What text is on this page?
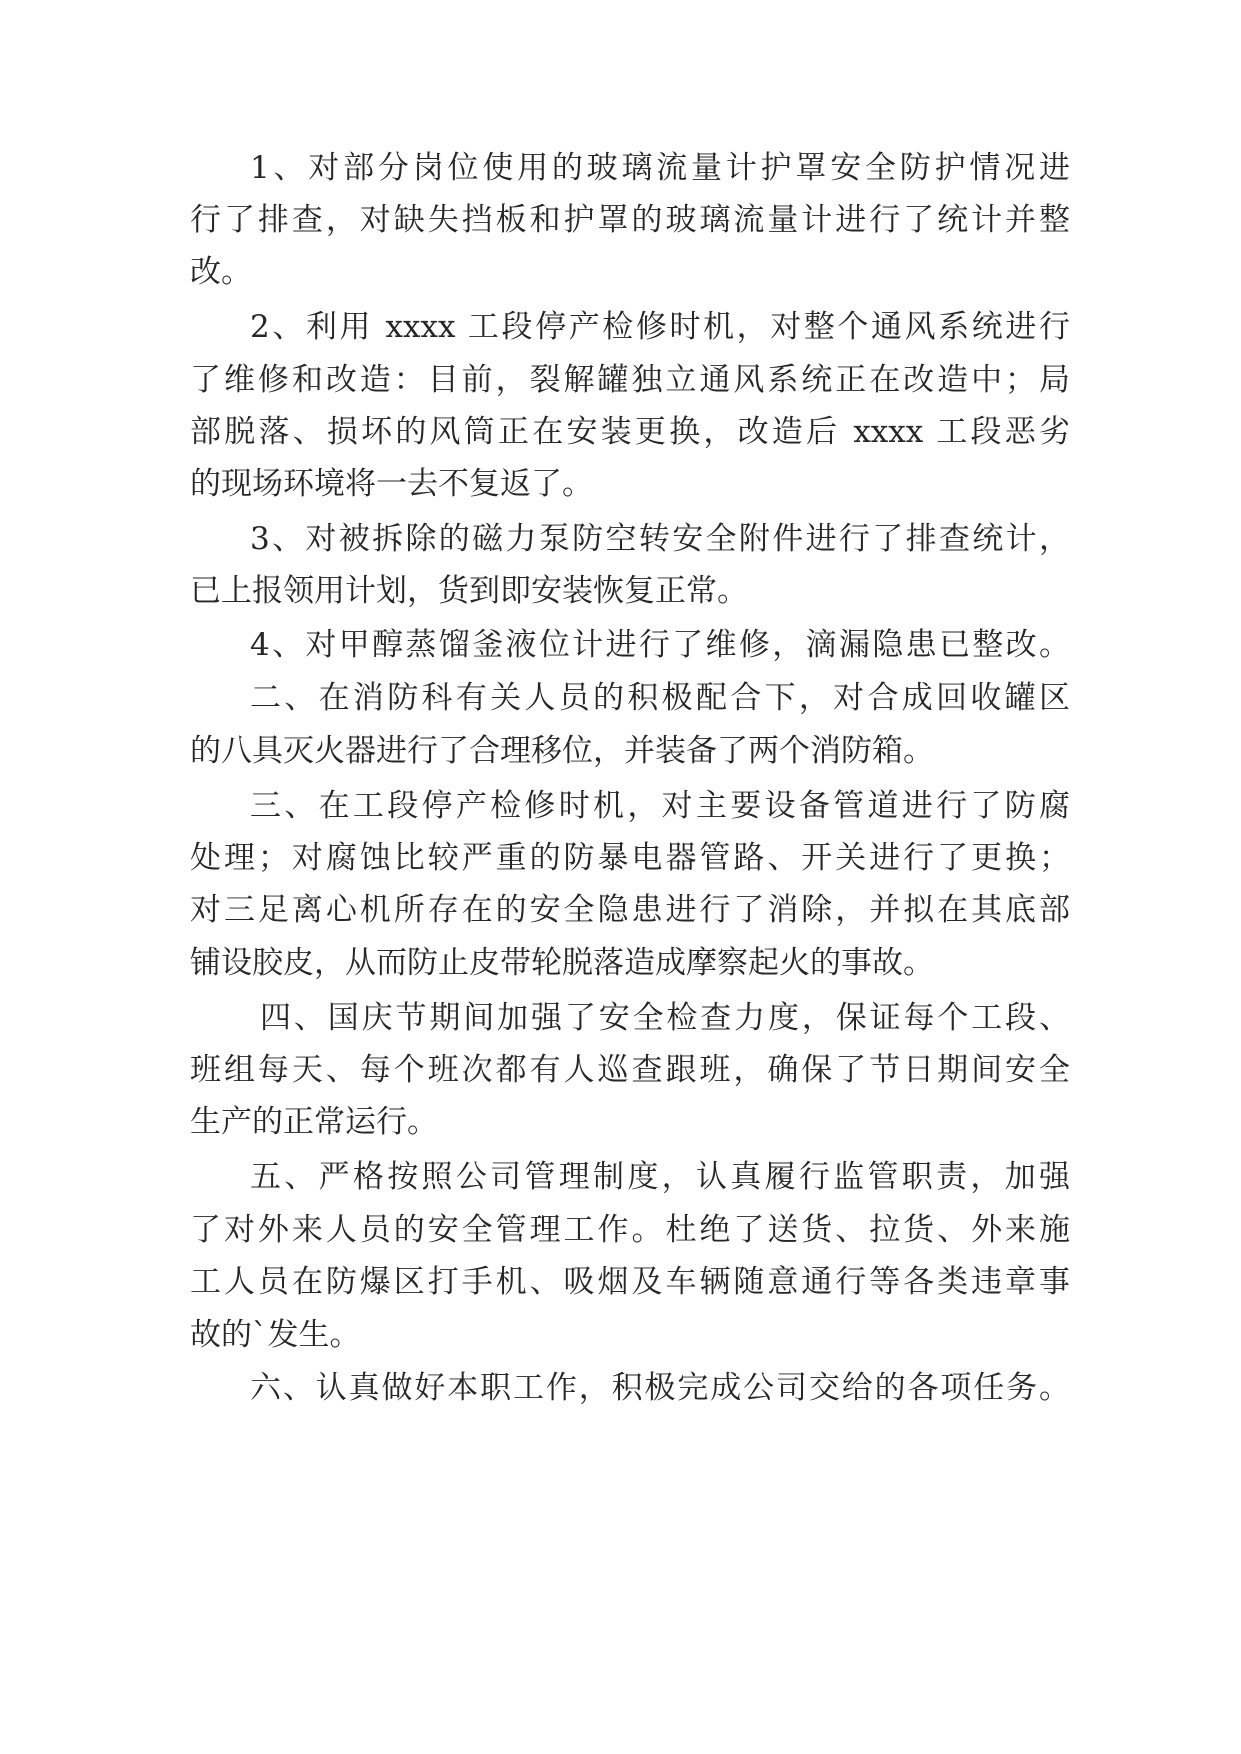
1、对部分岗位使用的玻璃流量计护罩安全防护情况进

行了排查，对缺失挡板和护罩的玻璃流量计进行了统计并整

改。

2、利用 xxxx 工段停产检修时机，对整个通风系统进行

了维修和改造：目前，裂解罐独立通风系统正在改造中；局

部脱落、损坏的风筒正在安装更换，改造后 xxxx 工段恶劣

的现场环境将一去不复返了。

3、对被拆除的磁力泵防空转安全附件进行了排查统计，

已上报领用计划，货到即安装恢复正常。

4、对甲醇蒸馏釜液位计进行了维修，滴漏隐患已整改。

二、在消防科有关人员的积极配合下，对合成回收罐区

的八具灭火器进行了合理移位，并装备了两个消防箱。

三、在工段停产检修时机，对主要设备管道进行了防腐

处理；对腐蚀比较严重的防暴电器管路、开关进行了更换；

对三足离心机所存在的安全隐患进行了消除，并拟在其底部

铺设胶皮，从而防止皮带轮脱落造成摩察起火的事故。

四、国庆节期间加强了安全检查力度，保证每个工段、

班组每天、每个班次都有人巡查跟班，确保了节日期间安全

生产的正常运行。

五、严格按照公司管理制度，认真履行监管职责，加强

了对外来人员的安全管理工作。杜绝了送货、拉货、外来施

工人员在防爆区打手机、吸烟及车辆随意通行等各类违章事

故的`发生。

六、认真做好本职工作，积极完成公司交给的各项任务。
